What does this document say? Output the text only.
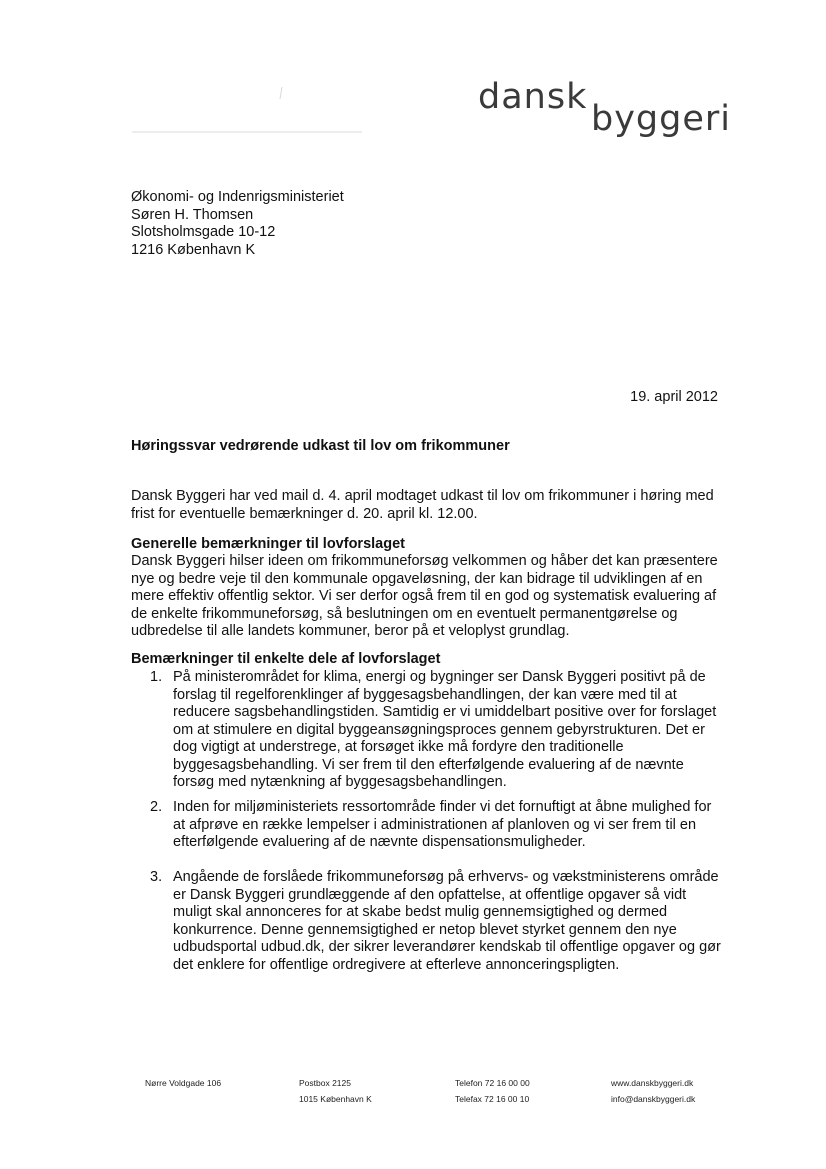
dansk
byggeri
Økonomi- og Indenrigsministeriet
Søren H. Thomsen
Slotsholmsgade 10-12
1216 København K
19. april 2012
Høringssvar vedrørende udkast til lov om frikommuner
Dansk Byggeri har ved mail d. 4. april modtaget udkast til lov om frikommuner i høring med frist for eventuelle bemærkninger d. 20. april kl. 12.00.
Generelle bemærkninger til lovforslaget
Dansk Byggeri hilser ideen om frikommuneforsøg velkommen og håber det kan præsentere nye og bedre veje til den kommunale opgaveløsning, der kan bidrage til udviklingen af en mere effektiv offentlig sektor. Vi ser derfor også frem til en god og systematisk evaluering af de enkelte frikommuneforsøg, så beslutningen om en eventuelt permanentgørelse og udbredelse til alle landets kommuner, beror på et veloplyst grundlag.
Bemærkninger til enkelte dele af lovforslaget
1. På ministerområdet for klima, energi og bygninger ser Dansk Byggeri positivt på de forslag til regelforenklinger af byggesagsbehandlingen, der kan være med til at reducere sagsbehandlingstiden. Samtidig er vi umiddelbart positive over for forslaget om at stimulere en digital byggeansøgningsproces gennem gebyrstrukturen. Det er dog vigtigt at understrege, at forsøget ikke må fordyre den traditionelle byggesagsbehandling. Vi ser frem til den efterfølgende evaluering af de nævnte forsøg med nytænkning af byggesagsbehandlingen.
2. Inden for miljøministeriets ressortområde finder vi det fornuftigt at åbne mulighed for at afprøve en række lempelser i administrationen af planloven og vi ser frem til en efterfølgende evaluering af de nævnte dispensationsmuligheder.
3. Angående de forslåede frikommuneforsøg på erhvervs- og vækstministerens område er Dansk Byggeri grundlæggende af den opfattelse, at offentlige opgaver så vidt muligt skal annonceres for at skabe bedst mulig gennemsigtighed og dermed konkurrence. Denne gennemsigtighed er netop blevet styrket gennem den nye udbudsportal udbud.dk, der sikrer leverandører kendskab til offentlige opgaver og gør det enklere for offentlige ordregivere at efterleve annonceringspligten.
Nørre Voldgade 106	Postbox 2125
1015 København K
Telefon 72 16 00 00
Telefax 72 16 00 10
www.danskbyggeri.dk
info@danskbyggeri.dk
